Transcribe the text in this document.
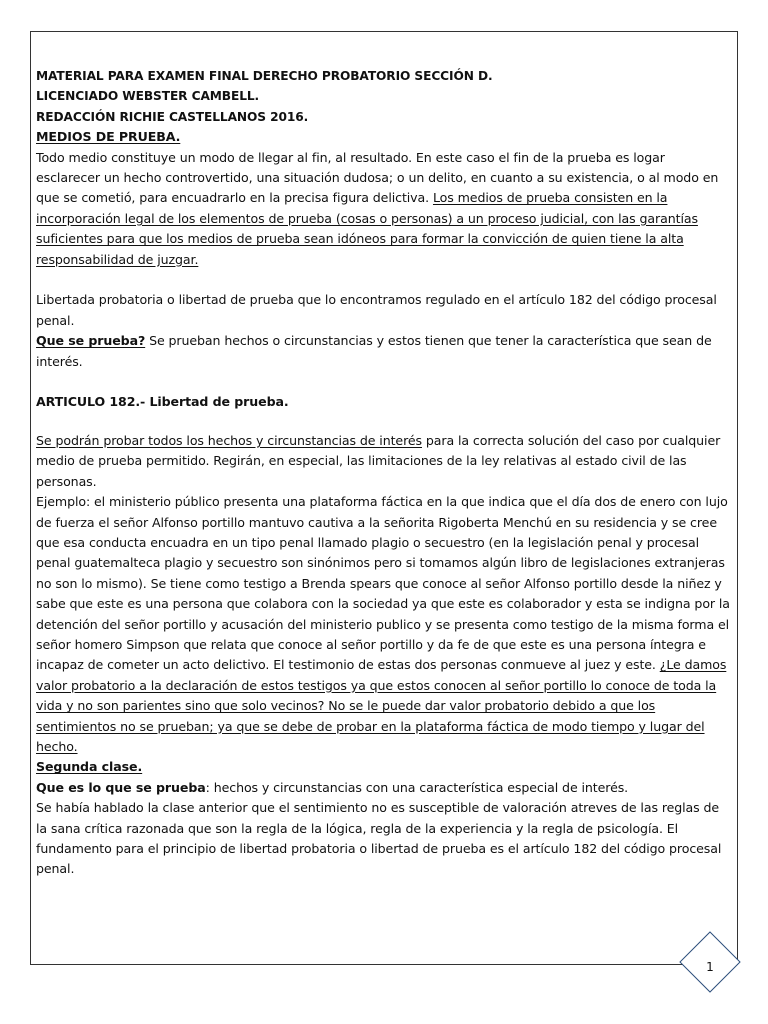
MATERIAL PARA EXAMEN FINAL DERECHO PROBATORIO SECCIÓN D.

LICENCIADO WEBSTER CAMBELL.

REDACCIÓN RICHIE CASTELLANOS 2016.

MEDIOS DE PRUEBA.

Todo medio constituye un modo de llegar al fin, al resultado. En este caso el fin de la prueba es logar esclarecer un hecho controvertido, una situación dudosa; o un delito, en cuanto a su existencia, o al modo en que se cometió, para encuadrarlo en la precisa figura delictiva. Los medios de prueba consisten en la incorporación legal de los elementos de prueba (cosas o personas) a un proceso judicial, con las garantías suficientes para que los medios de prueba sean idóneos para formar la convicción de quien tiene la alta responsabilidad de juzgar.

Libertada probatoria o libertad de prueba que lo encontramos regulado en el artículo 182 del código procesal penal.

Que se prueba? Se prueban hechos o circunstancias y estos tienen que tener la característica que sean de interés.

ARTICULO 182.- Libertad de prueba.

Se podrán probar todos los hechos y circunstancias de interés para la correcta solución del caso por cualquier medio de prueba permitido. Regirán, en especial, las limitaciones de la ley relativas al estado civil de las personas.

Ejemplo: el ministerio público presenta una plataforma fáctica en la que indica que el día dos de enero con lujo de fuerza el señor Alfonso portillo mantuvo cautiva a la señorita Rigoberta Menchú en su residencia y se cree que esa conducta encuadra en un tipo penal llamado plagio o secuestro (en la legislación penal y procesal penal guatemalteca plagio y secuestro son sinónimos pero si tomamos algún libro de legislaciones extranjeras no son lo mismo). Se tiene como testigo a Brenda spears que conoce al señor Alfonso portillo desde la niñez y sabe que este es una persona que colabora con la sociedad ya que este es colaborador y esta se indigna por la detención del señor portillo y acusación del ministerio publico y se presenta como testigo de la misma forma el señor homero Simpson que relata que conoce al señor portillo y da fe de que este es una persona íntegra e incapaz de cometer un acto delictivo. El testimonio de estas dos personas conmueve al juez y este. ¿Le damos valor probatorio a la declaración de estos testigos ya que estos conocen al señor portillo lo conoce de toda la vida y no son parientes sino que solo vecinos? No se le puede dar valor probatorio debido a que los sentimientos no se prueban; ya que se debe de probar en la plataforma fáctica de modo tiempo y lugar del hecho.

Segunda clase.

Que es lo que se prueba: hechos y circunstancias con una característica especial de interés.

Se había hablado la clase anterior que el sentimiento no es susceptible de valoración atreves de las reglas de la sana crítica razonada que son la regla de la lógica, regla de la experiencia y la regla de psicología. El fundamento para el principio de libertad probatoria o libertad de prueba es el artículo 182 del código procesal penal.

1
